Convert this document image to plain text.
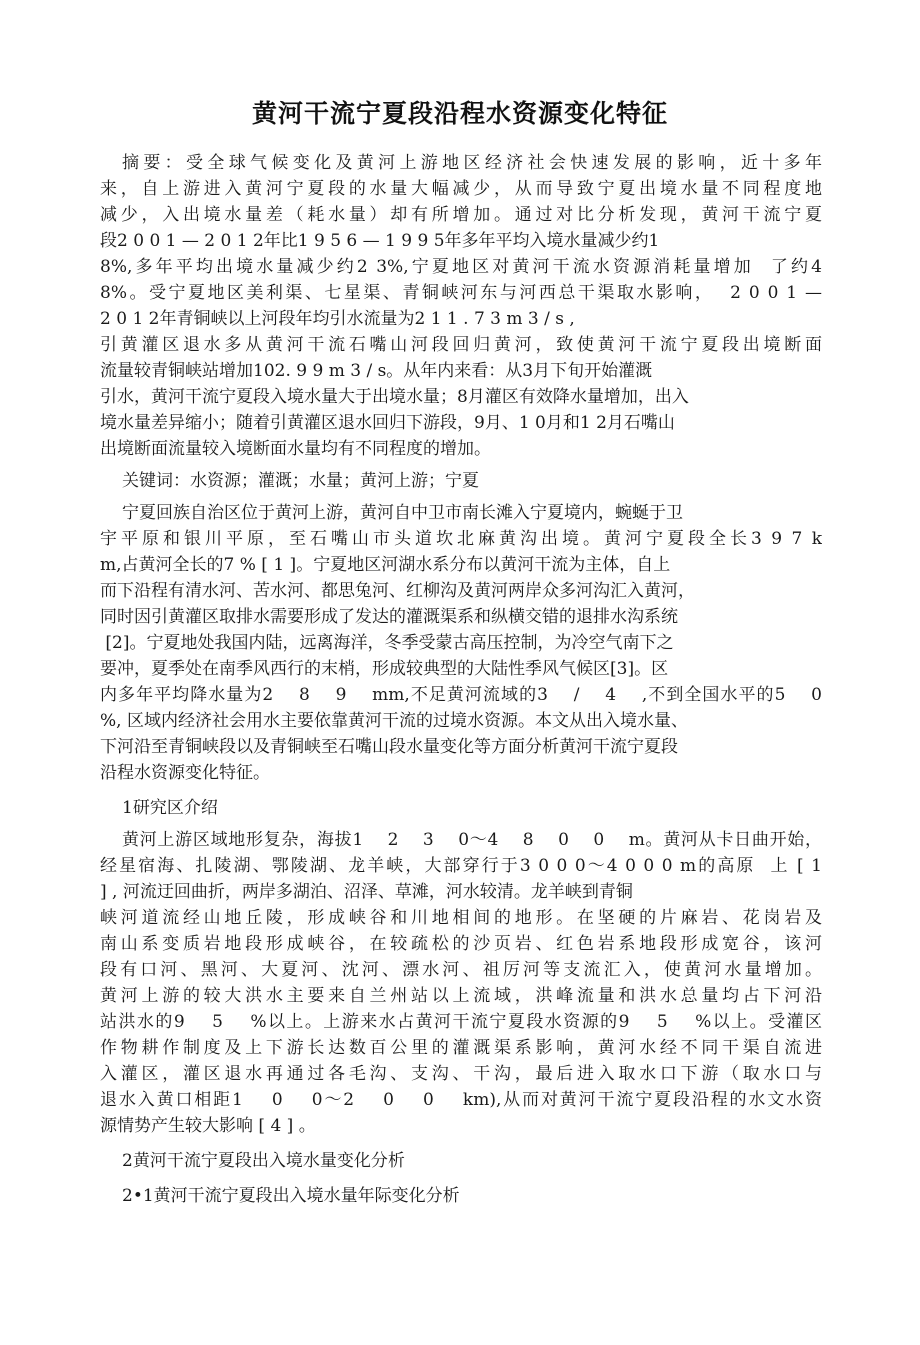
黄河干流宁夏段沿程水资源变化特征
摘要：受全球气候变化及黄河上游地区经济社会快速发展的影响，近十多年
来，自上游进入黄河宁夏段的水量大幅减少，从而导致宁夏出境水量不同程度地
减少，入出境水量差（耗水量）却有所增加。通过对比分析发现，黄河干流宁夏
段2 0 0 1 — 2 0 1 2年比1 9 5 6 — 1 9 9 5年多年平均入境水量减少约1
8%,多年平均出境水量减少约2 3%,宁夏地区对黄河干流水资源消耗量增加  了约4
8%。受宁夏地区美利渠、七星渠、青铜峡河东与河西总干渠取水影响，  2 0 0 1 —
2 0 1 2年青铜峡以上河段年均引水流量为2 1 1 . 7 3 m 3 / s ,
引黄灌区退水多从黄河干流石嘴山河段回归黄河，致使黄河干流宁夏段出境断面
流量较青铜峡站增加102. 9 9 m 3 / s。从年内来看：从3月下旬开始灌溉
引水，黄河干流宁夏段入境水量大于出境水量；8月灌区有效降水量增加，出入
境水量差异缩小；随着引黄灌区退水回归下游段，9月、1 0月和1 2月石嘴山
出境断面流量较入境断面水量均有不同程度的增加。
关键词：水资源；灌溉；水量；黄河上游；宁夏
宁夏回族自治区位于黄河上游，黄河自中卫市南长滩入宁夏境内，蜿蜒于卫
宇平原和银川平原，至石嘴山市头道坎北麻黄沟出境。黄河宁夏段全长3 9 7 k
m,占黄河全长的7 % [ 1 ]。宁夏地区河湖水系分布以黄河干流为主体，自上
而下沿程有清水河、苦水河、都思兔河、红柳沟及黄河两岸众多河沟汇入黄河，
同时因引黄灌区取排水需要形成了发达的灌溉渠系和纵横交错的退排水沟系统
[2]。宁夏地处我国内陆，远离海洋，冬季受蒙古高压控制，为冷空气南下之
要冲，夏季处在南季风西行的末梢，形成较典型的大陆性季风气候区[3]。区
内多年平均降水量为2    8    9    mm,不足黄河流域的3    /    4    ,不到全国水平的5    0
%, 区域内经济社会用水主要依靠黄河干流的过境水资源。本文从出入境水量、
下河沿至青铜峡段以及青铜峡至石嘴山段水量变化等方面分析黄河干流宁夏段
沿程水资源变化特征。
1研究区介绍
黄河上游区域地形复杂，海拔1    2    3    0〜4    8    0    0    m。黄河从卡日曲开始，
经星宿海、扎陵湖、鄂陵湖、龙羊峡，大部穿行于3 0 0 0〜4 0 0 0 m的高原  上 [ 1
] , 河流迂回曲折，两岸多湖泊、沼泽、草滩，河水较清。龙羊峡到青铜
峡河道流经山地丘陵，形成峡谷和川地相间的地形。在坚硬的片麻岩、花岗岩及
南山系变质岩地段形成峡谷，在较疏松的沙页岩、红色岩系地段形成宽谷，该河
段有口河、黑河、大夏河、沈河、漂水河、祖厉河等支流汇入，使黄河水量增加。
黄河上游的较大洪水主要来自兰州站以上流域，洪峰流量和洪水总量均占下河沿
站洪水的9    5    %以上。上游来水占黄河干流宁夏段水资源的9    5    %以上。受灌区
作物耕作制度及上下游长达数百公里的灌溉渠系影响，黄河水经不同干渠自流进
入灌区，灌区退水再通过各毛沟、支沟、干沟，最后进入取水口下游（取水口与
退水入黄口相距1    0    0〜2    0    0    km),从而对黄河干流宁夏段沿程的水文水资
源情势产生较大影响 [ 4 ] 。
2黄河干流宁夏段出入境水量变化分析
2•1黄河干流宁夏段出入境水量年际变化分析
